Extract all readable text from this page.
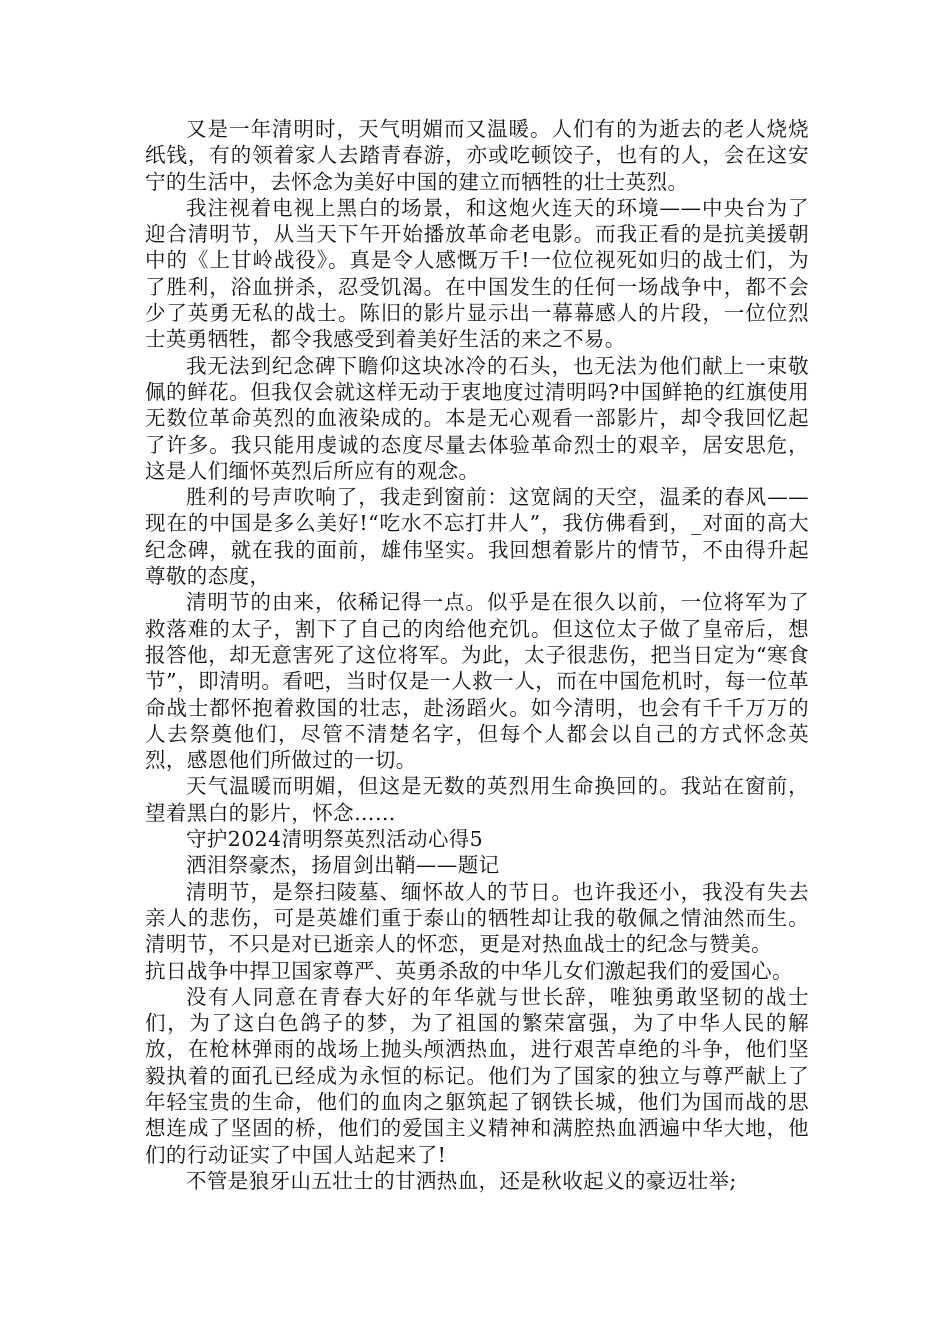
又是一年清明时，天气明媚而又温暖。人们有的为逝去的老人烧烧纸钱，有的领着家人去踏青春游，亦或吃顿饺子，也有的人，会在这安宁的生活中，去怀念为美好中国的建立而牺牲的壮士英烈。

我注视着电视上黑白的场景，和这炮火连天的环境——中央台为了迎合清明节，从当天下午开始播放革命老电影。而我正看的是抗美援朝中的《上甘岭战役》。真是令人感慨万千!一位位视死如归的战士们，为了胜利，浴血拼杀，忍受饥渴。在中国发生的任何一场战争中，都不会少了英勇无私的战士。陈旧的影片显示出一幕幕感人的片段，一位位烈士英勇牺牲，都令我感受到着美好生活的来之不易。

我无法到纪念碑下瞻仰这块冰冷的石头，也无法为他们献上一束敬佩的鲜花。但我仅会就这样无动于衷地度过清明吗?中国鲜艳的红旗使用无数位革命英烈的血液染成的。本是无心观看一部影片，却令我回忆起了许多。我只能用虔诚的态度尽量去体验革命烈士的艰辛，居安思危，这是人们缅怀英烈后所应有的观念。

胜利的号声吹响了，我走到窗前：这宽阔的天空，温柔的春风——现在的中国是多么美好!“吃水不忘打井人”，我仿佛看到，_对面的高大纪念碑，就在我的面前，雄伟坚实。我回想着影片的情节，不由得升起尊敬的态度，

清明节的由来，依稀记得一点。似乎是在很久以前，一位将军为了救落难的太子，割下了自己的肉给他充饥。但这位太子做了皇帝后，想报答他，却无意害死了这位将军。为此，太子很悲伤，把当日定为“寒食节”，即清明。看吧，当时仅是一人救一人，而在中国危机时，每一位革命战士都怀抱着救国的壮志，赴汤蹈火。如今清明，也会有千千万万的人去祭奠他们，尽管不清楚名字，但每个人都会以自己的方式怀念英烈，感恩他们所做过的一切。

天气温暖而明媚，但这是无数的英烈用生命换回的。我站在窗前，望着黑白的影片，怀念……

守护2024清明祭英烈活动心得5

洒泪祭豪杰，扬眉剑出鞘——题记

清明节，是祭扫陵墓、缅怀故人的节日。也许我还小，我没有失去亲人的悲伤，可是英雄们重于泰山的牺牲却让我的敬佩之情油然而生。清明节，不只是对已逝亲人的怀恋，更是对热血战士的纪念与赞美。

抗日战争中捍卫国家尊严、英勇杀敌的中华儿女们激起我们的爱国心。

没有人同意在青春大好的年华就与世长辞，唯独勇敢坚韧的战士们，为了这白色鸽子的梦，为了祖国的繁荣富强，为了中华人民的解放，在枪林弹雨的战场上抛头颅洒热血，进行艰苦卓绝的斗争，他们坚毅执着的面孔已经成为永恒的标记。他们为了国家的独立与尊严献上了年轻宝贵的生命，他们的血肉之躯筑起了钢铁长城，他们为国而战的思想连成了坚固的桥，他们的爱国主义精神和满腔热血洒遍中华大地，他们的行动证实了中国人站起来了!

不管是狼牙山五壮士的甘洒热血，还是秋收起义的豪迈壮举;
